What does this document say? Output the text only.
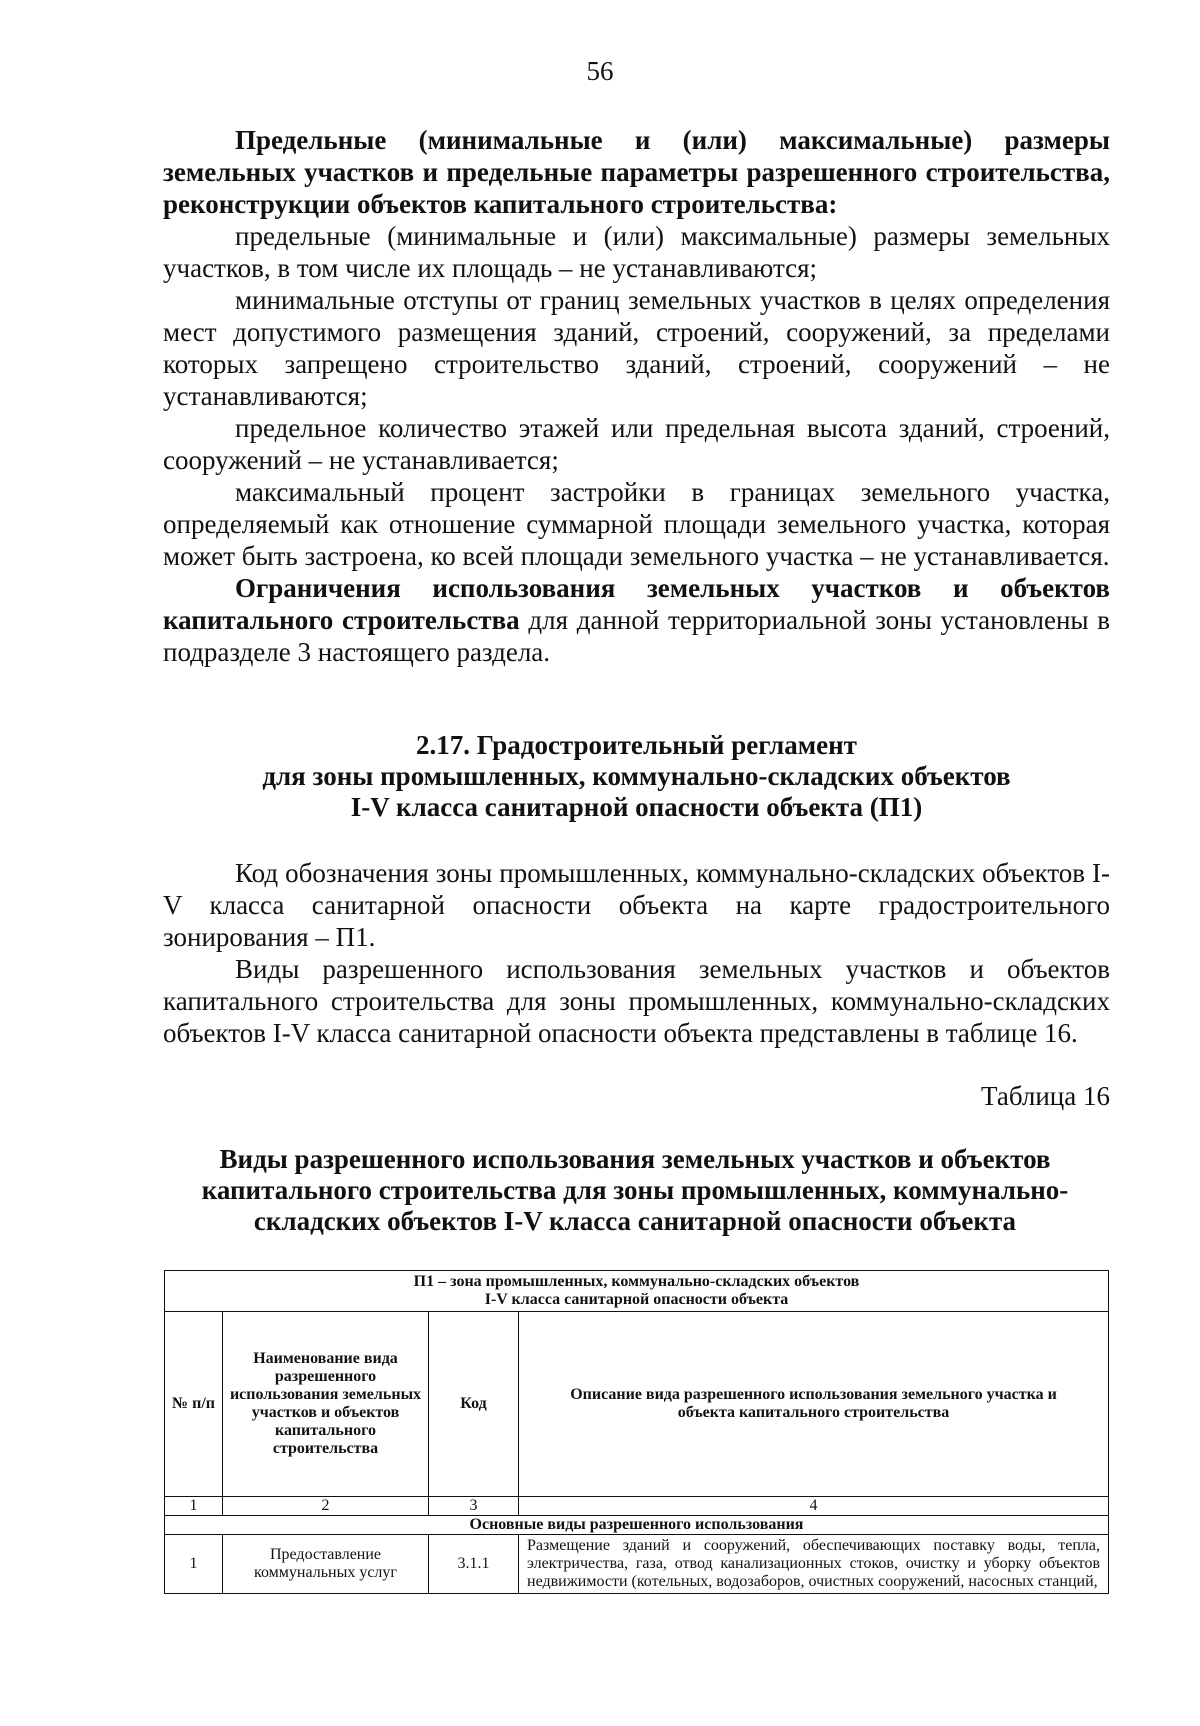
56

Предельные (минимальные и (или) максимальные) размеры земельных участков и предельные параметры разрешенного строительства, реконструкции объектов капитального строительства:

предельные (минимальные и (или) максимальные) размеры земельных участков, в том числе их площадь – не устанавливаются;

минимальные отступы от границ земельных участков в целях определения мест допустимого размещения зданий, строений, сооружений, за пределами которых запрещено строительство зданий, строений, сооружений – не устанавливаются;

предельное количество этажей или предельная высота зданий, строений, сооружений – не устанавливается;

максимальный процент застройки в границах земельного участка, определяемый как отношение суммарной площади земельного участка, которая может быть застроена, ко всей площади земельного участка – не устанавливается.

Ограничения использования земельных участков и объектов капитального строительства для данной территориальной зоны установлены в подразделе 3 настоящего раздела.

2.17. Градостроительный регламент
для зоны промышленных, коммунально-складских объектов
I-V класса санитарной опасности объекта (П1)

Код обозначения зоны промышленных, коммунально-складских объектов I-V класса санитарной опасности объекта на карте градостроительного зонирования – П1.

Виды разрешенного использования земельных участков и объектов капитального строительства для зоны промышленных, коммунально-складских объектов I-V класса санитарной опасности объекта представлены в таблице 16.

Таблица 16
Виды разрешенного использования земельных участков и объектов
капитального строительства для зоны промышленных, коммунально-
складских объектов I-V класса санитарной опасности объекта
П1 – зона промышленных, коммунально-складских объектов
I-V класса санитарной опасности объекта			

№ п/п	Наименование вида разрешенного использования земельных участков и объектов капитального строительства	Код	Описание вида разрешенного использования земельного участка и объекта капитального строительства
1	2	3	4
Основные виды разрешенного использования			
1	Предоставление коммунальных услуг	3.1.1	Размещение зданий и сооружений, обеспечивающих поставку воды, тепла, электричества, газа, отвод канализационных стоков, очистку и уборку объектов недвижимости (котельных, водозаборов, очистных сооружений, насосных станций,
